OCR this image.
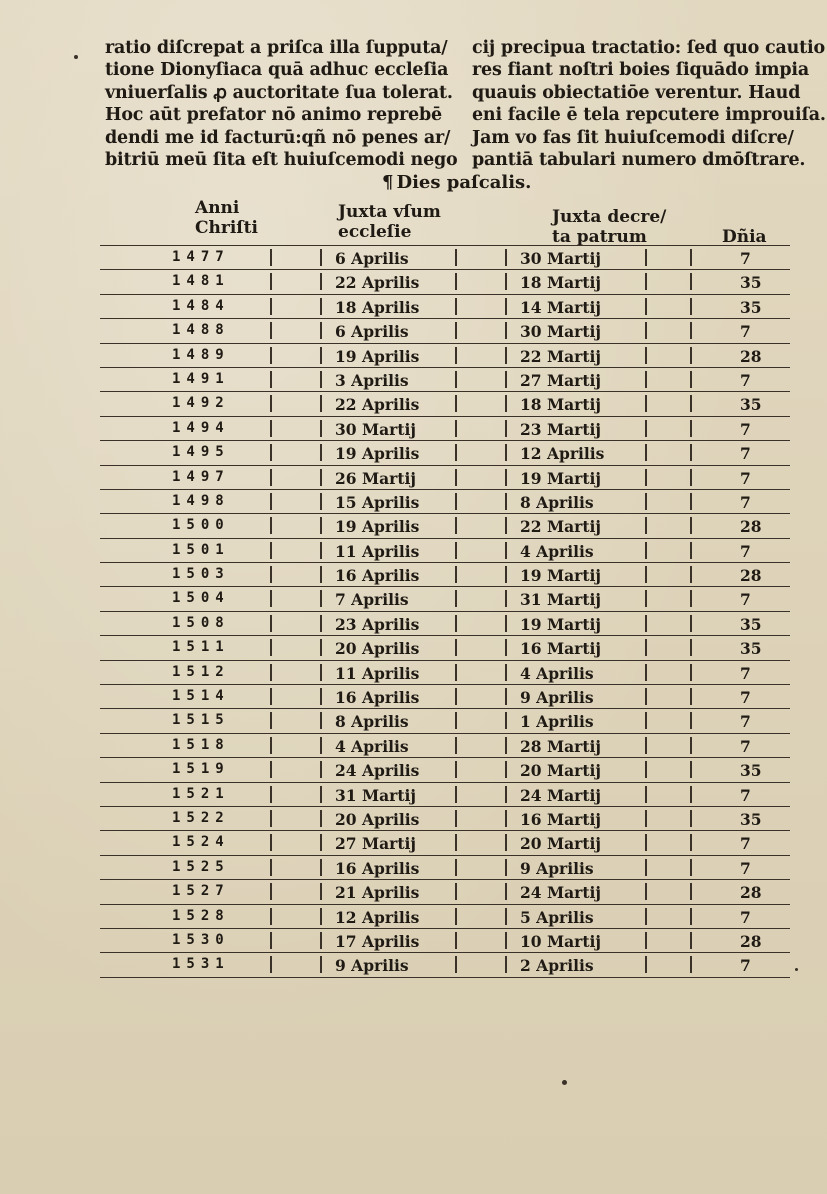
ratio diſcrepat a priſca illa ſupputa/
tione Dionyſiaca quā adhuc eccleſia
vniuerſalis ꝓ auctoritate ſua tolerat.
Hoc aūt prefator nō animo reprebē
dendi me id facturū:qñ nō penes ar/
bitriū meū ſita eſt huiuſcemodi nego
cij precipua tractatio: ſed quo cautio
res fiant noſtri boies ſiquādo impia
quauis obiectatiōe verentur. Haud
eni facile ē tela repcutere improuiſa.
Jam vo fas ſit huiuſcemodi diſcre/
pantiā tabulari numero dmōſtrare.
¶ Dies paſcalis.
Anni
Chriſti
Juxta vſum
eccleſie
Juxta decre/
ta patrum	Dñia
1477	6 Aprilis	30 Martij	7
1481	22 Aprilis	18 Martij	35
1484	18 Aprilis	14 Martij	35
1488	6 Aprilis	30 Martij	7
1489	19 Aprilis	22 Martij	28
1491	3 Aprilis	27 Martij	7
1492	22 Aprilis	18 Martij	35
1494	30 Martij	23 Martij	7
1495	19 Aprilis	12 Aprilis	7
1497	26 Martij	19 Martij	7
1498	15 Aprilis	8 Aprilis	7
1500	19 Aprilis	22 Martij	28
1501	11 Aprilis	4 Aprilis	7
1503	16 Aprilis	19 Martij	28
1504	7 Aprilis	31 Martij	7
1508	23 Aprilis	19 Martij	35
1511	20 Aprilis	16 Martij	35
1512	11 Aprilis	4 Aprilis	7
1514	16 Aprilis	9 Aprilis	7
1515	8 Aprilis	1 Aprilis	7
1518	4 Aprilis	28 Martij	7
1519	24 Aprilis	20 Martij	35
1521	31 Martij	24 Martij	7
1522	20 Aprilis	16 Martij	35
1524	27 Martij	20 Martij	7
1525	16 Aprilis	9 Aprilis	7
1527	21 Aprilis	24 Martij	28
1528	12 Aprilis	5 Aprilis	7
1530	17 Aprilis	10 Martij	28
1531	9 Aprilis	2 Aprilis	7
